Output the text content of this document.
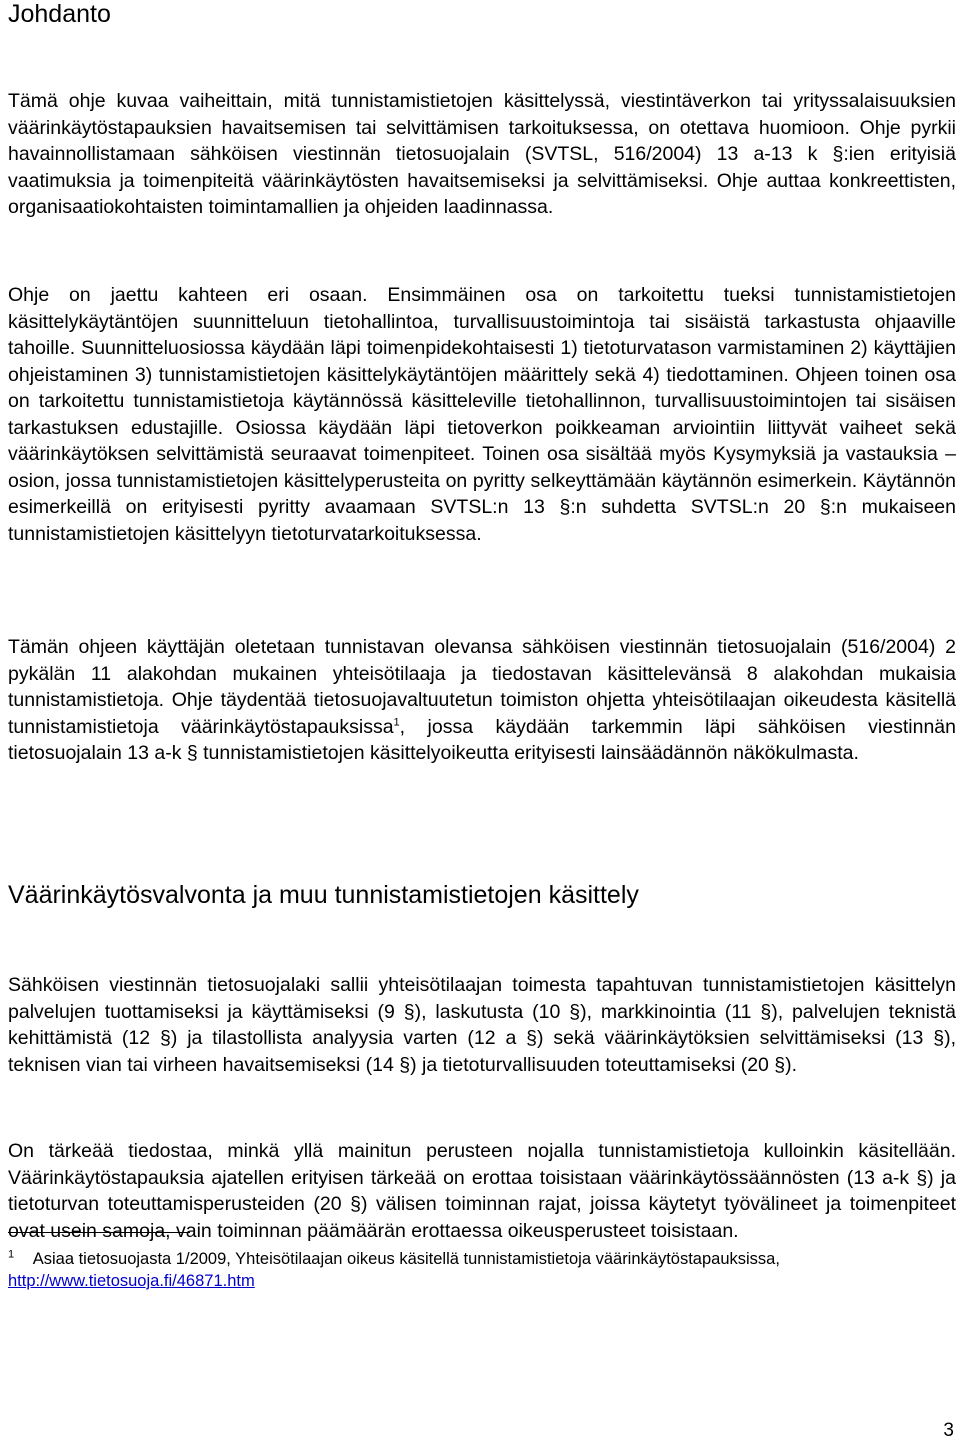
Johdanto

Tämä ohje kuvaa vaiheittain, mitä tunnistamistietojen käsittelyssä, viestintäverkon tai yrityssalaisuuksien väärinkäytöstapauksien havaitsemisen tai selvittämisen tarkoituksessa, on otettava huomioon. Ohje pyrkii havainnollistamaan sähköisen viestinnän tietosuojalain (SVTSL, 516/2004) 13 a-13 k §:ien erityisiä vaatimuksia ja toimenpiteitä väärinkäytösten havaitsemiseksi ja selvittämiseksi. Ohje auttaa konkreettisten, organisaatiokohtaisten toimintamallien ja ohjeiden laadinnassa.

Ohje on jaettu kahteen eri osaan. Ensimmäinen osa on tarkoitettu tueksi tunnistamistietojen käsittelykäytäntöjen suunnitteluun tietohallintoa, turvallisuustoimintoja tai sisäistä tarkastusta ohjaaville tahoille. Suunnitteluosiossa käydään läpi toimenpidekohtaisesti 1) tietoturvatason varmistaminen 2) käyttäjien ohjeistaminen 3) tunnistamistietojen käsittelykäytäntöjen määrittely sekä 4) tiedottaminen. Ohjeen toinen osa on tarkoitettu tunnistamistietoja käytännössä käsitteleville tietohallinnon, turvallisuustoimintojen tai sisäisen tarkastuksen edustajille. Osiossa käydään läpi tietoverkon poikkeaman arviointiin liittyvät vaiheet sekä väärinkäytöksen selvittämistä seuraavat toimenpiteet. Toinen osa sisältää myös Kysymyksiä ja vastauksia – osion, jossa tunnistamistietojen käsittelyperusteita on pyritty selkeyttämään käytännön esimerkein. Käytännön esimerkeillä on erityisesti pyritty avaamaan SVTSL:n 13 §:n suhdetta SVTSL:n 20 §:n mukaiseen tunnistamistietojen käsittelyyn tietoturvatarkoituksessa.

Tämän ohjeen käyttäjän oletetaan tunnistavan olevansa sähköisen viestinnän tietosuojalain (516/2004) 2 pykälän 11 alakohdan mukainen yhteisötilaaja ja tiedostavan käsittelevänsä 8 alakohdan mukaisia tunnistamistietoja. Ohje täydentää tietosuojavaltuutetun toimiston ohjetta yhteisötilaajan oikeudesta käsitellä tunnistamistietoja väärinkäytöstapauksissa$^1$, jossa käydään tarkemmin läpi sähköisen viestinnän tietosuojalain 13 a-k § tunnistamistietojen käsittelyoikeutta erityisesti lainsäädännön näkökulmasta.

Väärinkäytösvalvonta ja muu tunnistamistietojen käsittely

Sähköisen viestinnän tietosuojalaki sallii yhteisötilaajan toimesta tapahtuvan tunnistamistietojen käsittelyn palvelujen tuottamiseksi ja käyttämiseksi (9 §), laskutusta (10 §), markkinointia (11 §), palvelujen teknistä kehittämistä (12 §) ja tilastollista analyysia varten (12 a §) sekä väärinkäytöksien selvittämiseksi (13 §), teknisen vian tai virheen havaitsemiseksi (14 §) ja tietoturvallisuuden toteuttamiseksi (20 §).

On tärkeää tiedostaa, minkä yllä mainitun perusteen nojalla tunnistamistietoja kulloinkin käsitellään. Väärinkäytöstapauksia ajatellen erityisen tärkeää on erottaa toisistaan väärinkäytössäännösten (13 a-k §) ja tietoturvan toteuttamisperusteiden (20 §) välisen toiminnan rajat, joissa käytetyt työvälineet ja toimenpiteet ovat usein samoja, vain toiminnan päämäärän erottaessa oikeusperusteet toisistaan.

$^1$ Asiaa tietosuojasta 1/2009, Yhteisötilaajan oikeus käsitellä tunnistamistietoja väärinkäytöstapauksissa,
http://www.tietosuoja.fi/46871.htm
3
